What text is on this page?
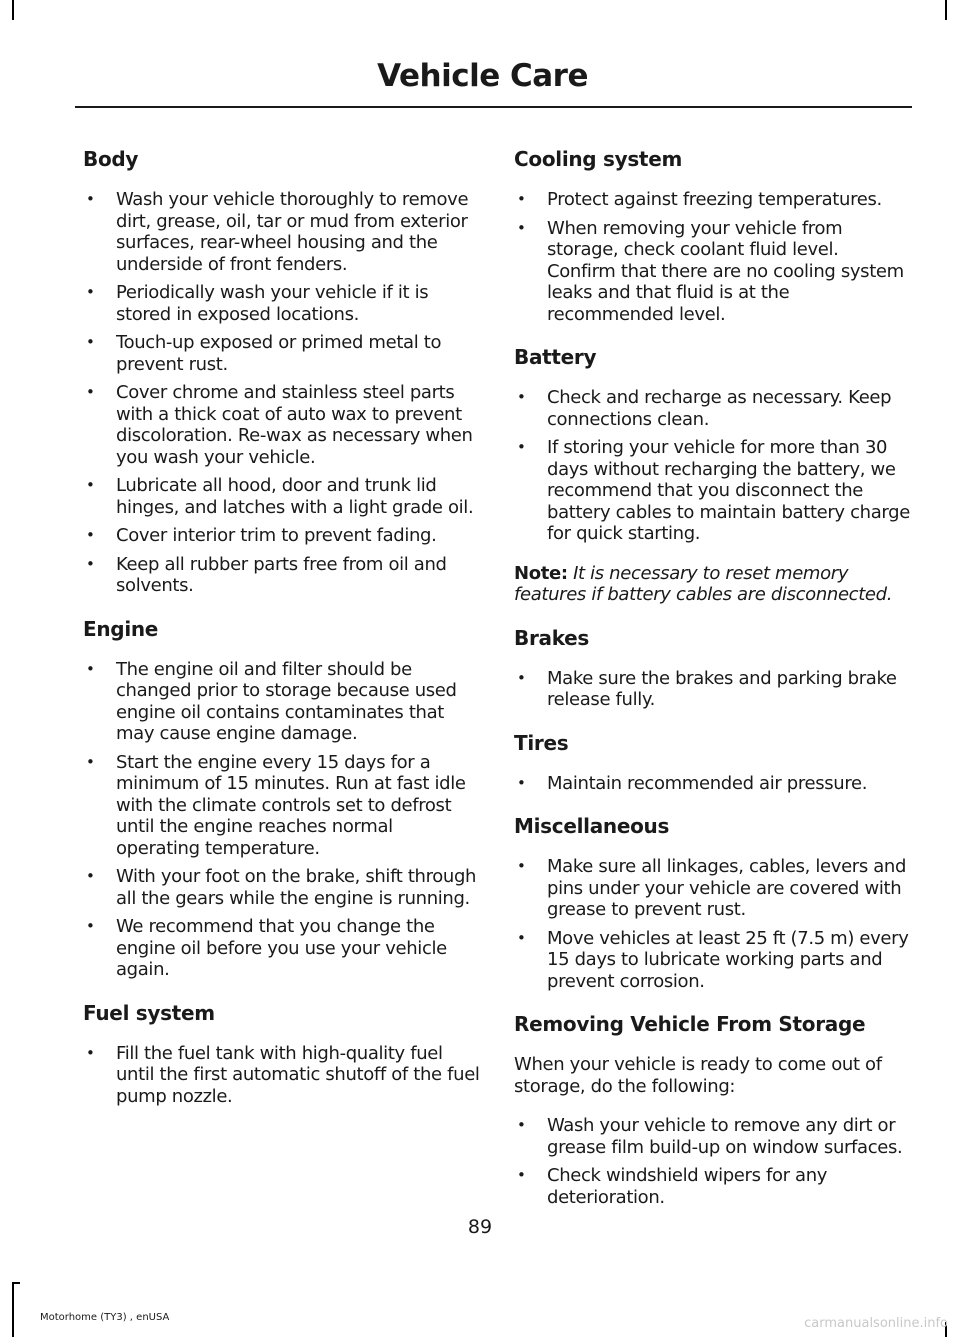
Vehicle Care
Body
• Wash your vehicle thoroughly to remove dirt, grease, oil, tar or mud from exterior surfaces, rear-wheel housing and the underside of front fenders.
• Periodically wash your vehicle if it is stored in exposed locations.
• Touch-up exposed or primed metal to prevent rust.
• Cover chrome and stainless steel parts with a thick coat of auto wax to prevent discoloration. Re-wax as necessary when you wash your vehicle.
• Lubricate all hood, door and trunk lid hinges, and latches with a light grade oil.
• Cover interior trim to prevent fading.
• Keep all rubber parts free from oil and solvents.
Engine
• The engine oil and filter should be changed prior to storage because used engine oil contains contaminates that may cause engine damage.
• Start the engine every 15 days for a minimum of 15 minutes. Run at fast idle with the climate controls set to defrost until the engine reaches normal operating temperature.
• With your foot on the brake, shift through all the gears while the engine is running.
• We recommend that you change the engine oil before you use your vehicle again.
Fuel system
• Fill the fuel tank with high-quality fuel until the first automatic shutoff of the fuel pump nozzle.
Cooling system
• Protect against freezing temperatures.
• When removing your vehicle from storage, check coolant fluid level. Confirm that there are no cooling system leaks and that fluid is at the recommended level.
Battery
• Check and recharge as necessary. Keep connections clean.
• If storing your vehicle for more than 30 days without recharging the battery, we recommend that you disconnect the battery cables to maintain battery charge for quick starting.

Note: It is necessary to reset memory features if battery cables are disconnected.

Brakes
• Make sure the brakes and parking brake release fully.
Tires
• Maintain recommended air pressure.
Miscellaneous
• Make sure all linkages, cables, levers and pins under your vehicle are covered with grease to prevent rust.
• Move vehicles at least 25 ft (7.5 m) every 15 days to lubricate working parts and prevent corrosion.
Removing Vehicle From Storage

When your vehicle is ready to come out of storage, do the following:

• Wash your vehicle to remove any dirt or grease film build-up on window surfaces.
• Check windshield wipers for any deterioration.
89
Motorhome (TY3) , enUSA	carmanualsonline.info
